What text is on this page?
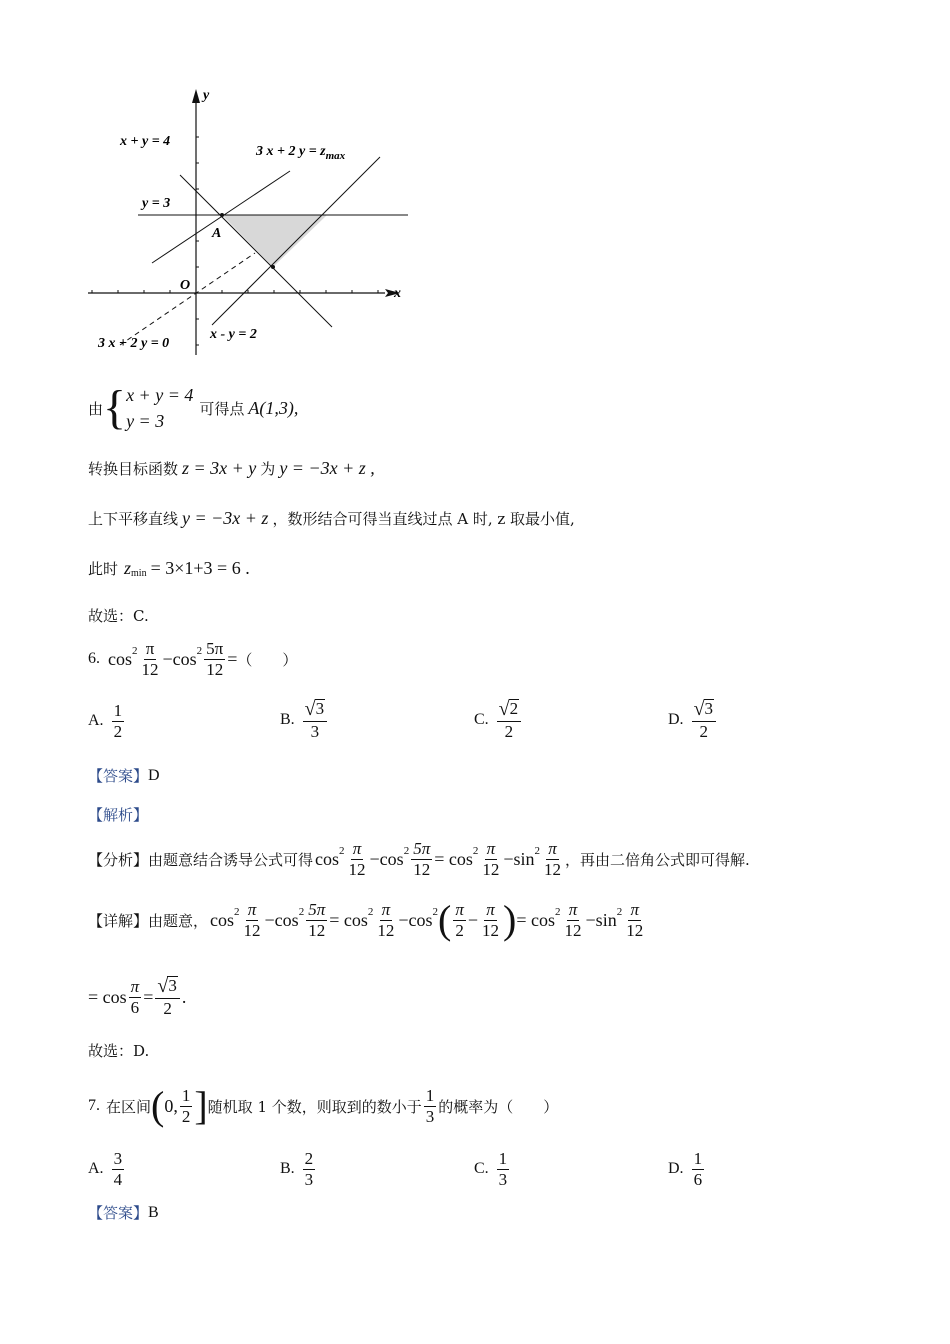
y
x
O
A
x + y = 4
y = 3
3 x + 2 $y = z_{max}$
3 x + 2 y = 0
x - y = 2
由 { x + y = 4
y = 3
可得点 A(1,3),
转换目标函数 z = 3x + y 为 y = −3x + z ,
上下平移直线 y = −3x + z ，数形结合可得当直线过点 A 时, z 取最小值,
此时 z min = 3×1+3 = 6 .
故选：C.
6. $\cos^2 \frac{\pi}{12} -\cos^2 \frac{5\pi}{12}$ = （　　）
A. $\frac{1}{2}$	B. $\frac{√ 3}{3}$	C. $\frac{√ 2}{2}$	D. $\frac{√ 3}{2}$
【答案】 D
【解析】
【分析】 由题意结合诱导公式可得 $\cos^2 \frac{\pi}{12} -\cos^2 \frac{5\pi}{12} = \cos^2 \frac{\pi}{12} -\sin^2 \frac{\pi}{12}$ ，再由二倍角公式即可得解.
【详解】 由题意， $\cos^2 \frac{\pi}{12} -\cos^2 \frac{5\pi}{12} = \cos^2 \frac{\pi}{12} -\cos^2$ ( $\frac{\pi}{2} - \frac{\pi}{12}$ ) = $\cos^2 \frac{\pi}{12} -\sin^2 \frac{\pi}{12}$
= $\cos \frac{\pi}{6} = \frac{√ 3}{2}$ .
故选：D.
7. 在区间 ( 0, $\frac{1}{2}$ ] 随机取 1 个数，则取到的数小于 $\frac{1}{3}$ 的概率为（　　）
A. $\frac{3}{4}$	B. $\frac{2}{3}$	C. $\frac{1}{3}$	D. $\frac{1}{6}$
【答案】 B
